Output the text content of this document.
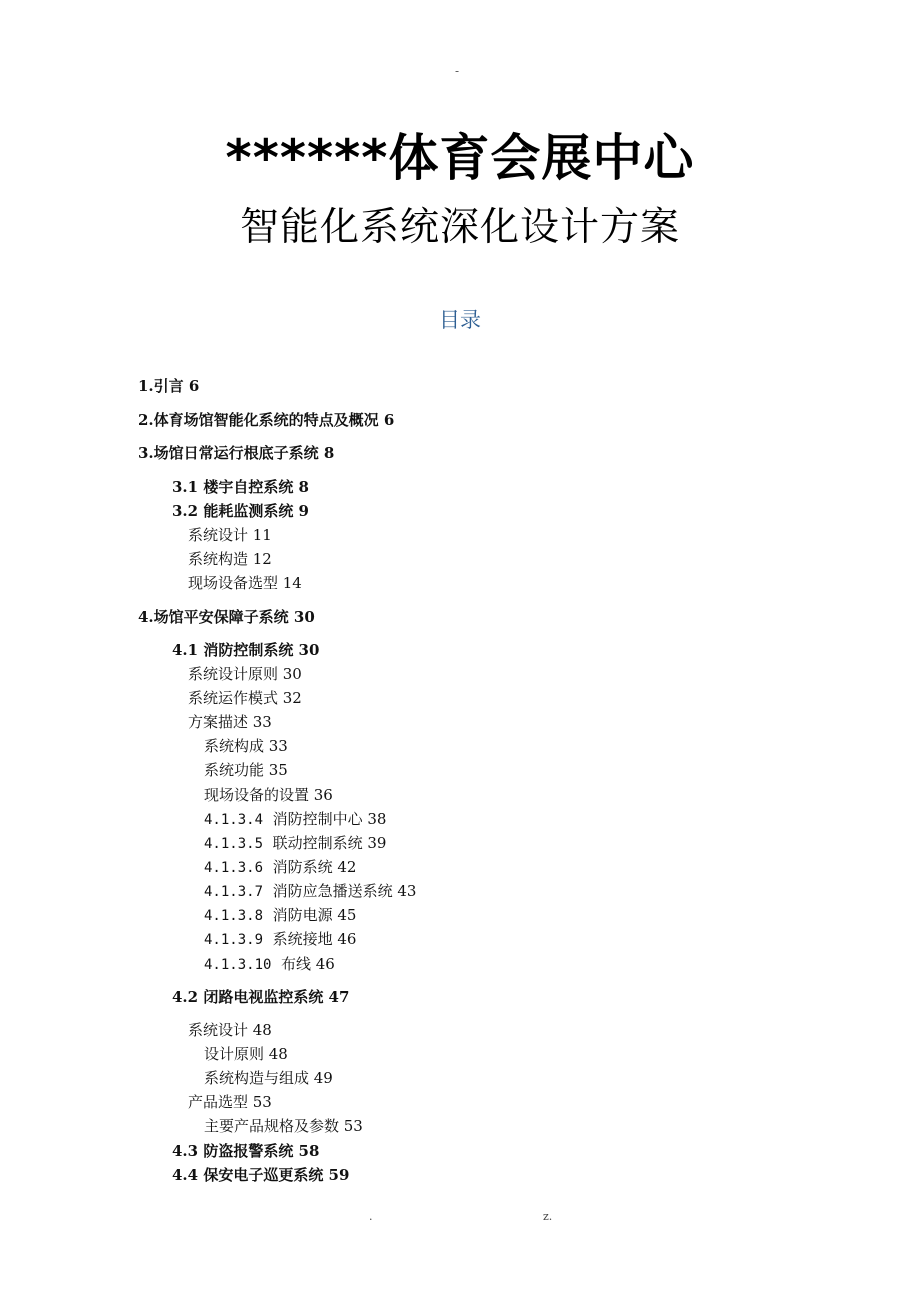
-
******体育会展中心
智能化系统深化设计方案
目录
1.引言 6
2.体育场馆智能化系统的特点及概况 6
3.场馆日常运行根底子系统 8
3.1 楼宇自控系统 8
3.2 能耗监测系统 9
系统设计 11
系统构造 12
现场设备选型 14
4.场馆平安保障子系统 30
4.1 消防控制系统 30
系统设计原则 30
系统运作模式 32
方案描述 33
系统构成 33
系统功能 35
现场设备的设置 36
4.1.3.4 消防控制中心 38
4.1.3.5 联动控制系统 39
4.1.3.6 消防系统 42
4.1.3.7 消防应急播送系统 43
4.1.3.8 消防电源 45
4.1.3.9 系统接地 46
4.1.3.10 布线 46
4.2 闭路电视监控系统 47
系统设计 48
设计原则 48
系统构造与组成 49
产品选型 53
主要产品规格及参数 53
4.3 防盗报警系统 58
4.4 保安电子巡更系统 59
.	z.
